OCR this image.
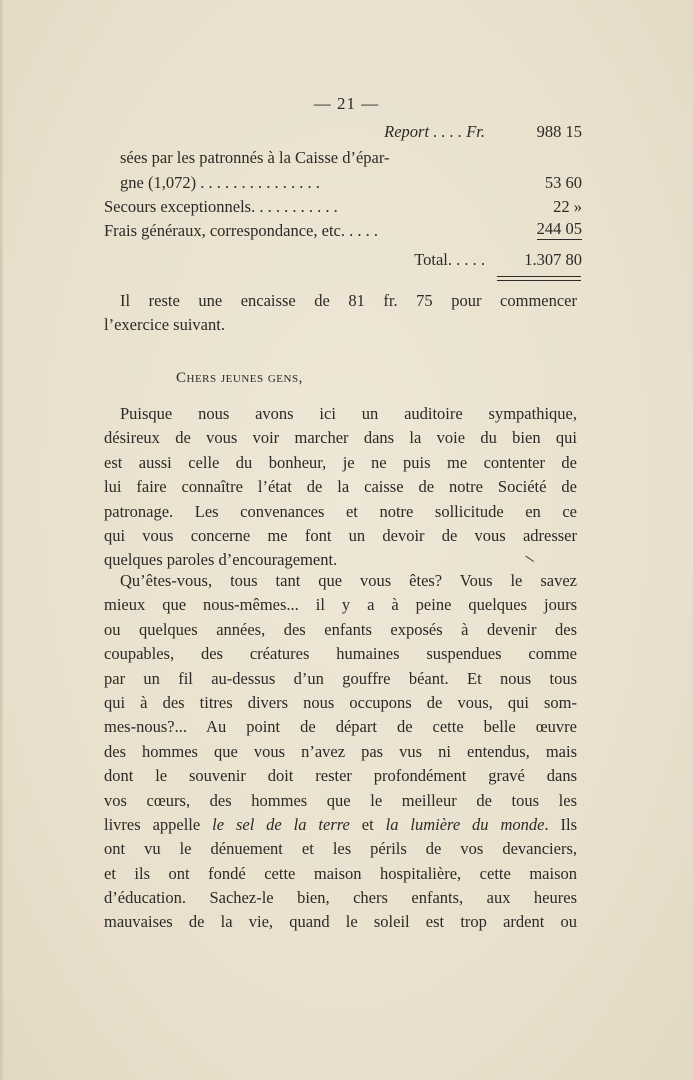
— 21 —
Report . . . . Fr.	988 15
sées par les patronnés à la Caisse d’épar-
gne (1,072) . . . . . . . . . . . . . . .	53 60
Secours exceptionnels. . . . . . . . . . .	22 »
Frais généraux, correspondance, etc. . . . .	244 05
Total. . . . . 1.307 80
Il reste une encaisse de 81 fr. 75 pour commencer
l’exercice suivant.
Chers jeunes gens,
Puisque nous avons ici un auditoire sympathique,
désireux de vous voir marcher dans la voie du bien qui
est aussi celle du bonheur, je ne puis me contenter de
lui faire connaître l’état de la caisse de notre Société de
patronage. Les convenances et notre sollicitude en ce
qui vous concerne me font un devoir de vous adresser
quelques paroles d’encouragement.
Qu’êtes-vous, tous tant que vous êtes? Vous le savez
mieux que nous-mêmes... il y a à peine quelques jours
ou quelques années, des enfants exposés à devenir des
coupables, des créatures humaines suspendues comme
par un fil au-dessus d’un gouffre béant. Et nous tous
qui à des titres divers nous occupons de vous, qui som-
mes-nous?... Au point de départ de cette belle œuvre
des hommes que vous n’avez pas vus ni entendus, mais
dont le souvenir doit rester profondément gravé dans
vos cœurs, des hommes que le meilleur de tous les
livres appelle le sel de la terre et la lumière du monde. Ils
ont vu le dénuement et les périls de vos devanciers,
et ils ont fondé cette maison hospitalière, cette maison
d’éducation. Sachez-le bien, chers enfants, aux heures
mauvaises de la vie, quand le soleil est trop ardent ou
